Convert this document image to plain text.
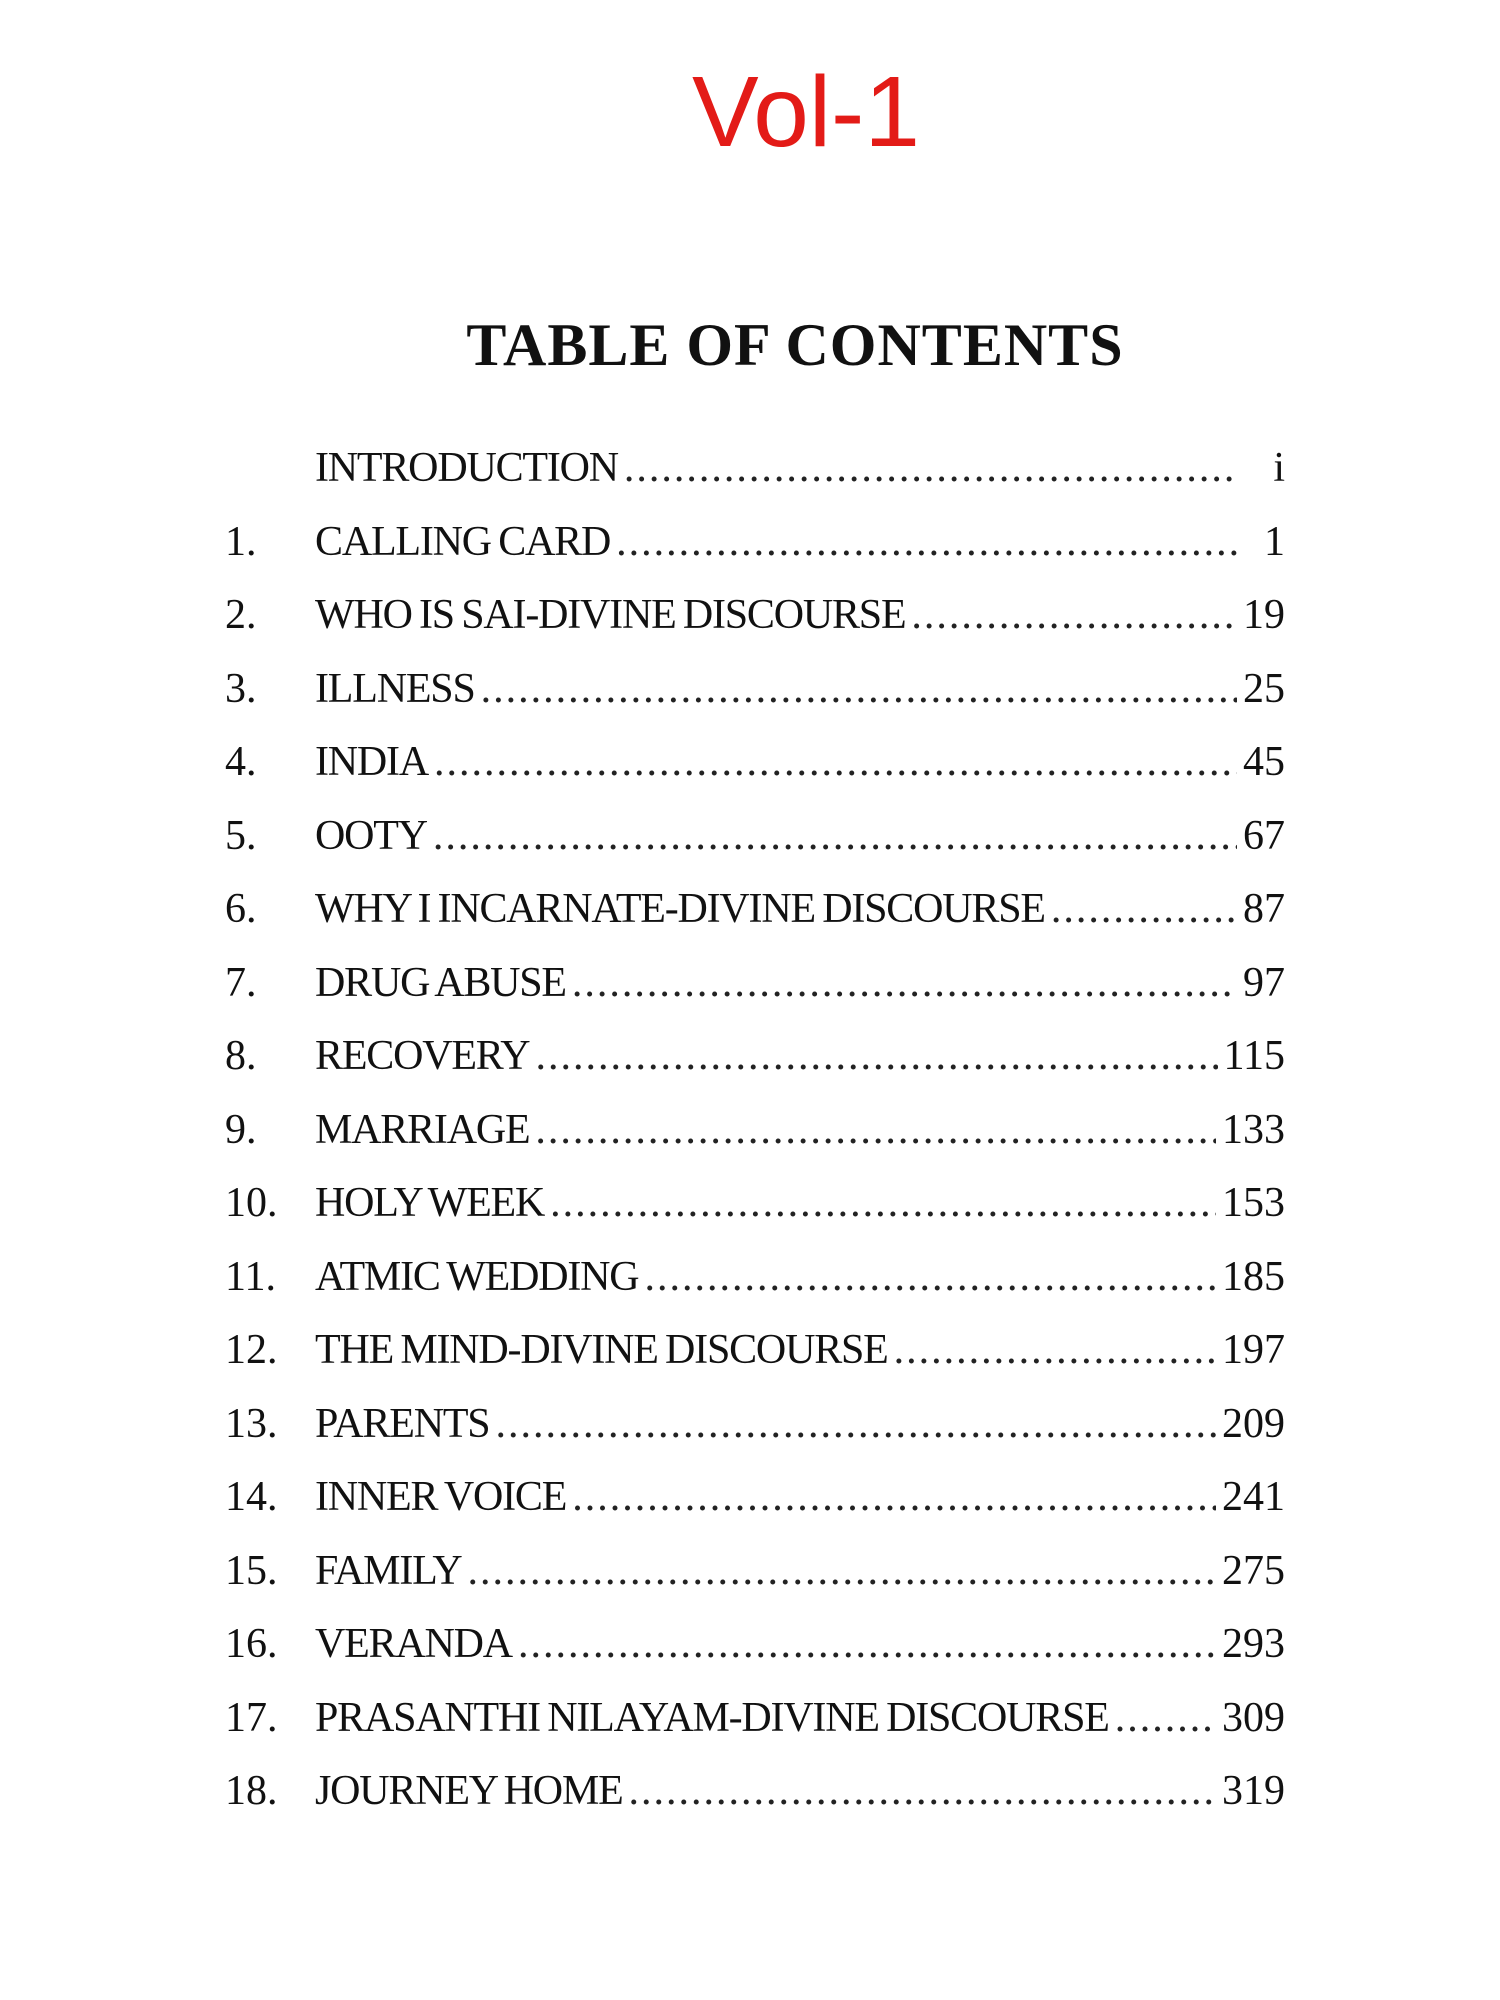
Vol-1
TABLE OF CONTENTS
INTRODUCTION .....	i
1.	CALLING CARD .....	1
2.	WHO IS SAI-DIVINE DISCOURSE .....	19
3.	ILLNESS .....	25
4.	INDIA .....	45
5.	OOTY .....	67
6.	WHY I INCARNATE-DIVINE DISCOURSE .....	87
7.	DRUG ABUSE .....	97
8.	RECOVERY .....	115
9.	MARRIAGE .....	133
10. HOLY WEEK .....	153
11. ATMIC WEDDING .....	185
12. THE MIND-DIVINE DISCOURSE .....	197
13. PARENTS .....	209
14. INNER VOICE .....	241
15. FAMILY .....	275
16. VERANDA .....	293
17. PRASANTHI NILAYAM-DIVINE DISCOURSE .....	309
18. JOURNEY HOME .....	319
